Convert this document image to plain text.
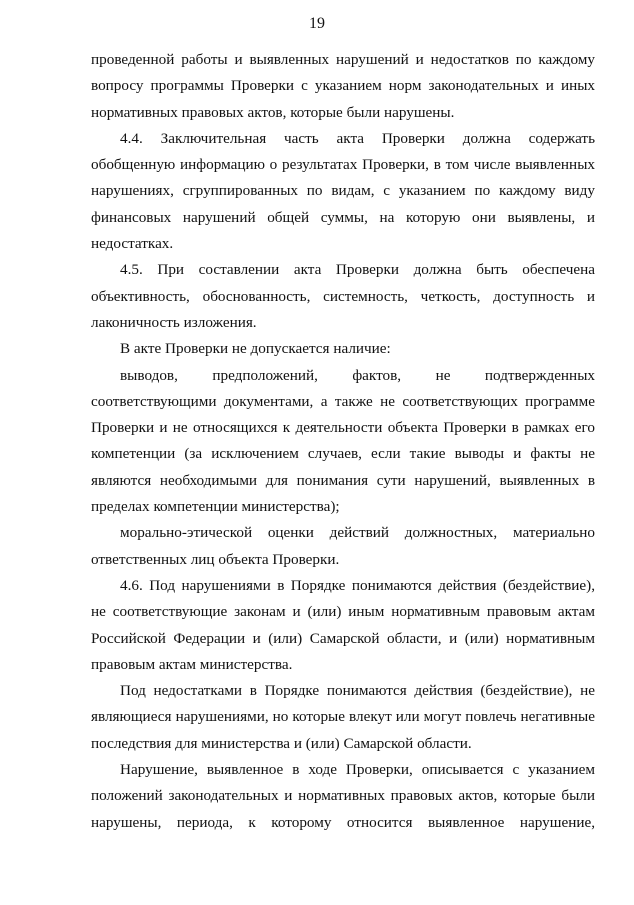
19

проведенной работы и выявленных нарушений и недостатков по каждому вопросу программы Проверки с указанием норм законодательных и иных нормативных правовых актов, которые были нарушены.

4.4. Заключительная часть акта Проверки должна содержать обобщенную информацию о результатах Проверки, в том числе выявленных нарушениях, сгруппированных по видам, с указанием по каждому виду финансовых нарушений общей суммы, на которую они выявлены, и недостатках.

4.5. При составлении акта Проверки должна быть обеспечена объективность, обоснованность, системность, четкость, доступность и лаконичность изложения.

В акте Проверки не допускается наличие:

выводов, предположений, фактов, не подтвержденных соответствующими документами, а также не соответствующих программе Проверки и не относящихся к деятельности объекта Проверки в рамках его компетенции (за исключением случаев, если такие выводы и факты не являются необходимыми для понимания сути нарушений, выявленных в пределах компетенции министерства);

морально-этической оценки действий должностных, материально ответственных лиц объекта Проверки.

4.6. Под нарушениями в Порядке понимаются действия (бездействие), не соответствующие законам и (или) иным нормативным правовым актам Российской Федерации и (или) Самарской области, и (или) нормативным правовым актам министерства.

Под недостатками в Порядке понимаются действия (бездействие), не являющиеся нарушениями, но которые влекут или могут повлечь негативные последствия для министерства и (или) Самарской области.

Нарушение, выявленное в ходе Проверки, описывается с указанием положений законодательных и нормативных правовых актов, которые были нарушены, периода, к которому относится выявленное нарушение,
